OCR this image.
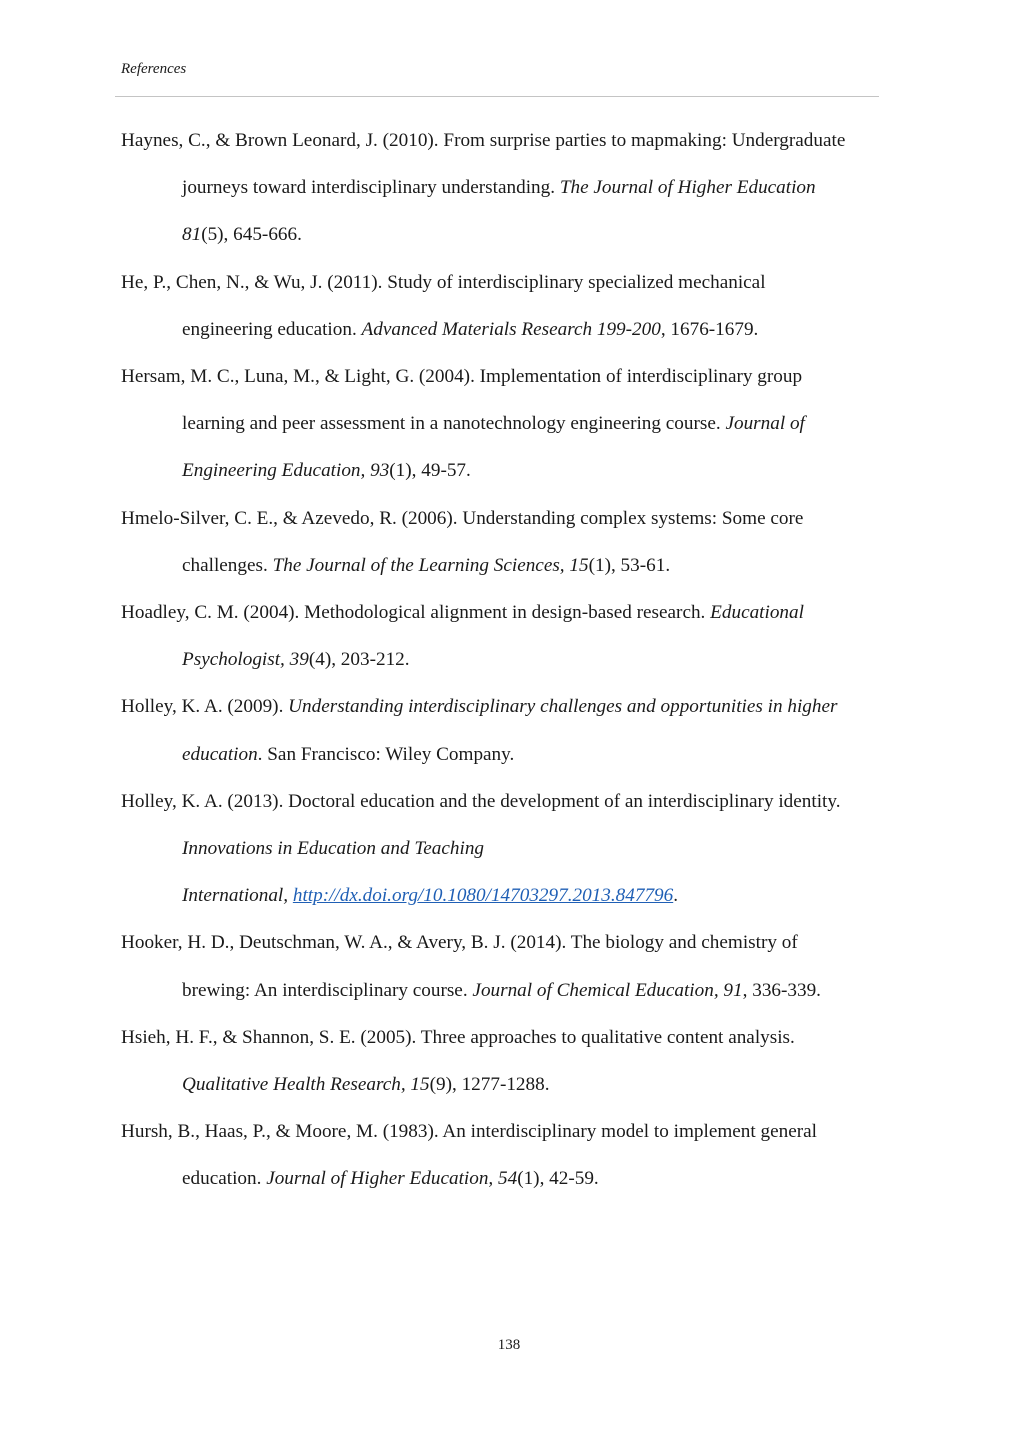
References
Haynes, C., & Brown Leonard, J. (2010). From surprise parties to mapmaking: Undergraduate
journeys toward interdisciplinary understanding. The Journal of Higher Education
81(5), 645-666.
He, P., Chen, N., & Wu, J. (2011). Study of interdisciplinary specialized mechanical
engineering education. Advanced Materials Research 199-200, 1676-1679.
Hersam, M. C., Luna, M., & Light, G. (2004). Implementation of interdisciplinary group
learning and peer assessment in a nanotechnology engineering course. Journal of
Engineering Education, 93(1), 49-57.
Hmelo-Silver, C. E., & Azevedo, R. (2006). Understanding complex systems: Some core
challenges. The Journal of the Learning Sciences, 15(1), 53-61.
Hoadley, C. M. (2004). Methodological alignment in design-based research. Educational
Psychologist, 39(4), 203-212.
Holley, K. A. (2009). Understanding interdisciplinary challenges and opportunities in higher
education. San Francisco: Wiley Company.
Holley, K. A. (2013). Doctoral education and the development of an interdisciplinary identity.
Innovations in Education and Teaching
International, http://dx.doi.org/10.1080/14703297.2013.847796.
Hooker, H. D., Deutschman, W. A., & Avery, B. J. (2014). The biology and chemistry of
brewing: An interdisciplinary course. Journal of Chemical Education, 91, 336-339.
Hsieh, H. F., & Shannon, S. E. (2005). Three approaches to qualitative content analysis.
Qualitative Health Research, 15(9), 1277-1288.
Hursh, B., Haas, P., & Moore, M. (1983). An interdisciplinary model to implement general
education. Journal of Higher Education, 54(1), 42-59.
138
